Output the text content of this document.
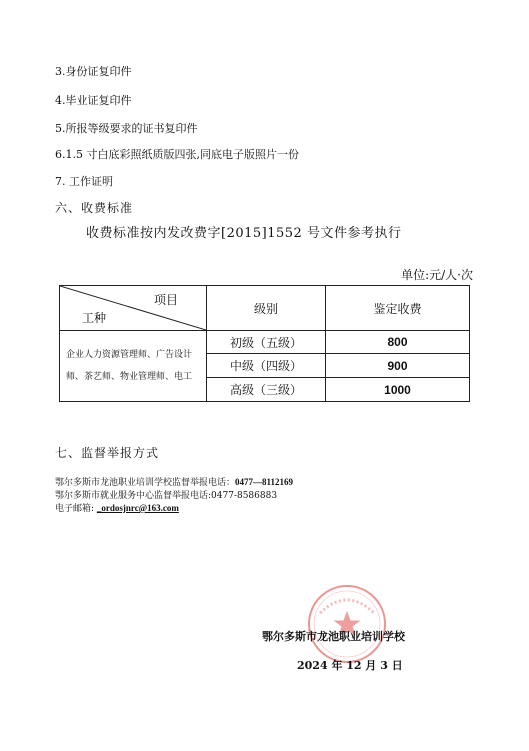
3.身份证复印件
4.毕业证复印件
5.所报等级要求的证书复印件
6.1.5 寸白底彩照纸质版四张,同底电子版照片一份
7. 工作证明
六、收费标准
收费标准按内发改费字[2015]1552 号文件参考执行
单位:元/人·次
项目
工种	级别	鉴定收费
企业人力资源管理师、广告设计师、茶艺师、物业管理师、电工	初级（五级）	800
	中级（四级）	900
	高级（三级）	1000
七、监督举报方式
鄂尔多斯市龙池职业培训学校监督举报电话：0477—8112169
鄂尔多斯市就业服务中心监督举报电话:0477-8586883
电子邮箱: _ordosjnrc@163.com
鄂尔多斯市龙池职业培训学校
2024 年 12 月 3 日
